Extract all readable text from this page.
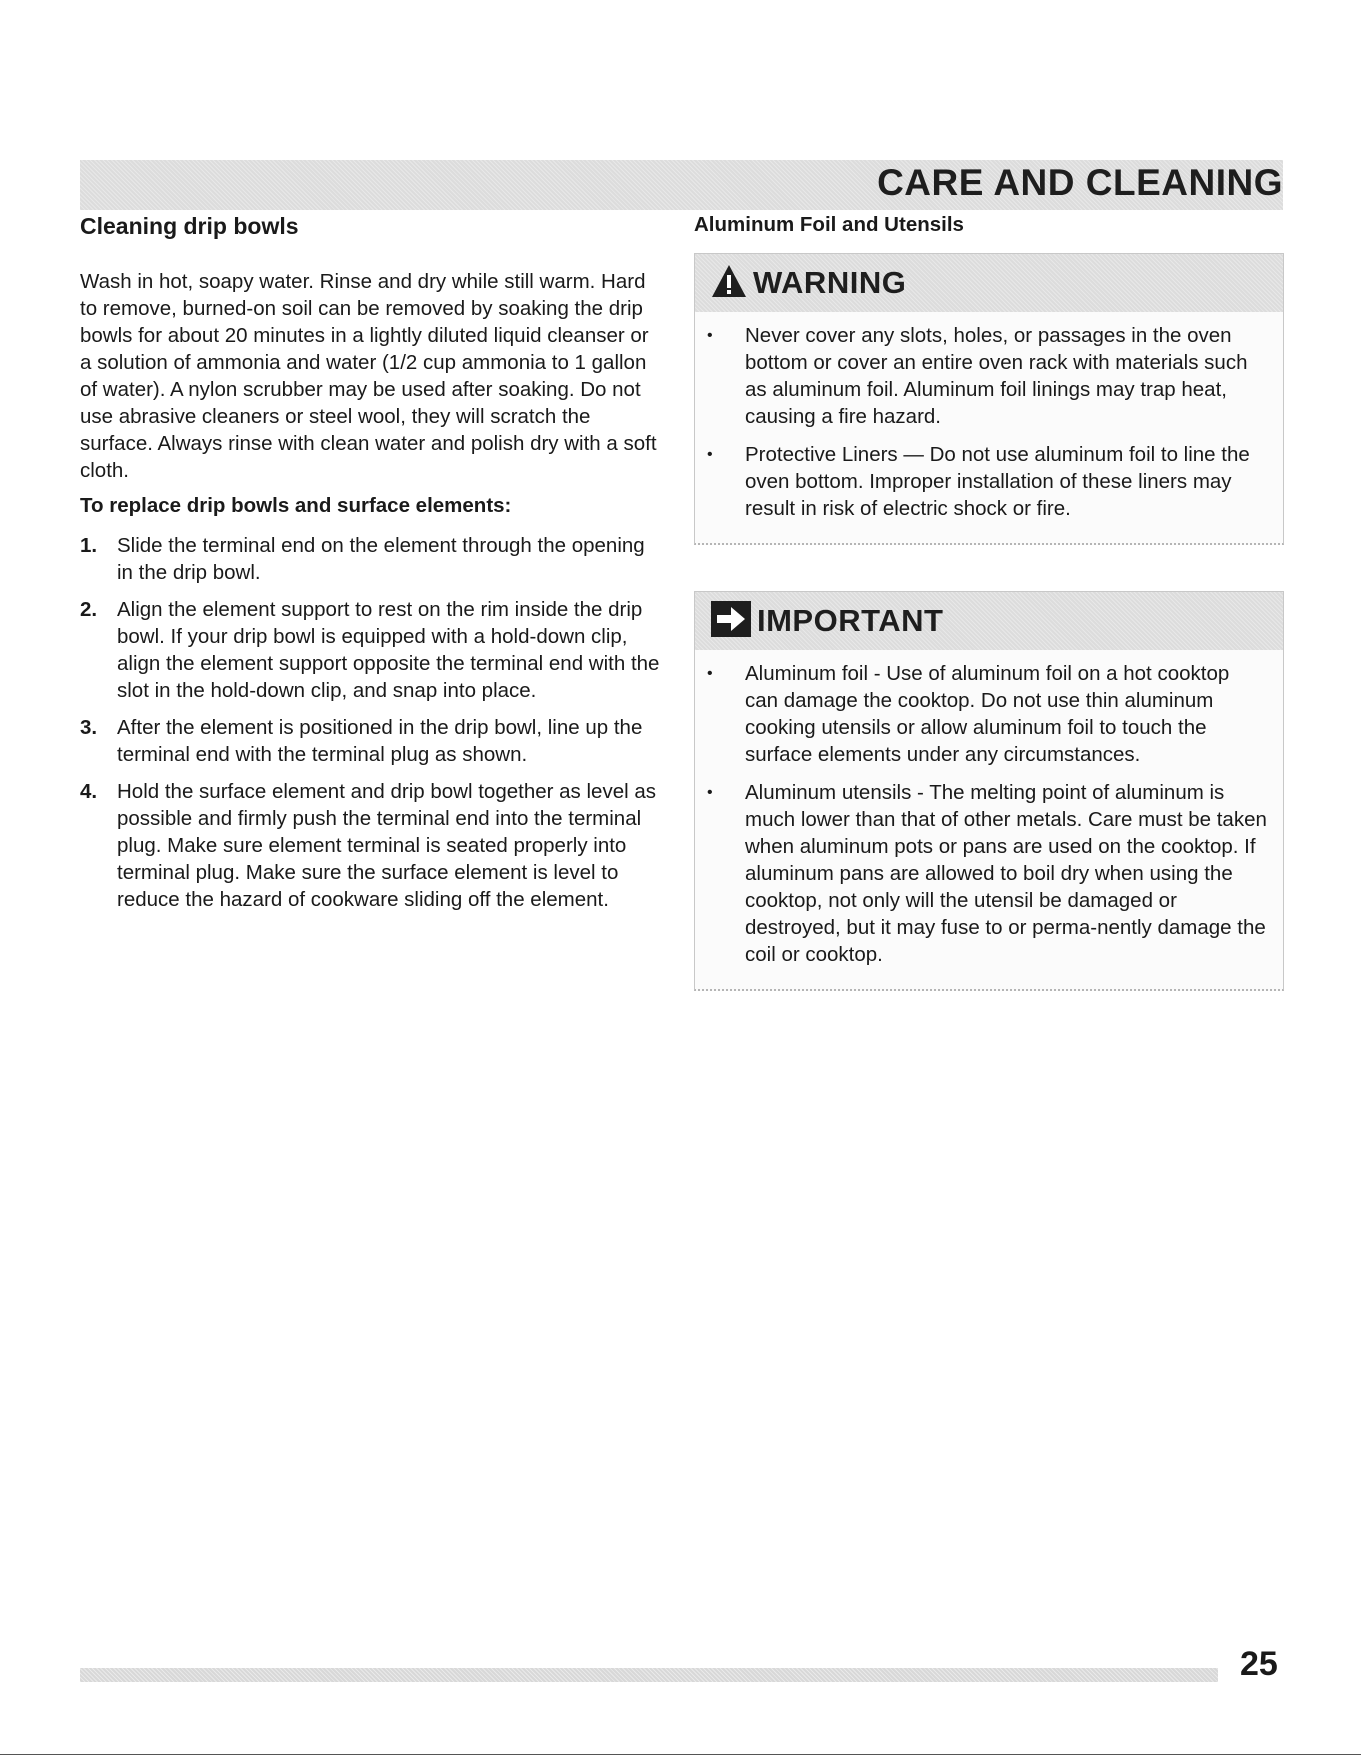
CARE AND CLEANING
Cleaning drip bowls

Wash in hot, soapy water. Rinse and dry while still warm. Hard to remove, burned-on soil can be removed by soaking the drip bowls for about 20 minutes in a lightly diluted liquid cleanser or a solution of ammonia and water (1/2 cup ammonia to 1 gallon of water). A nylon scrubber may be used after soaking. Do not use abrasive cleaners or steel wool, they will scratch the surface. Always rinse with clean water and polish dry with a soft cloth.

To replace drip bowls and surface elements:
1. Slide the terminal end on the element through the opening in the drip bowl.
2. Align the element support to rest on the rim inside the drip bowl. If your drip bowl is equipped with a hold-down clip, align the element support opposite the terminal end with the slot in the hold-down clip, and snap into place.
3. After the element is positioned in the drip bowl, line up the terminal end with the terminal plug as shown.
4. Hold the surface element and drip bowl together as level as possible and firmly push the terminal end into the terminal plug. Make sure element terminal is seated properly into terminal plug. Make sure the surface element is level to reduce the hazard of cookware sliding off the element.
Aluminum Foil and Utensils
WARNING
• Never cover any slots, holes, or passages in the oven bottom or cover an entire oven rack with materials such as aluminum foil. Aluminum foil linings may trap heat, causing a fire hazard.
• Protective Liners — Do not use aluminum foil to line the oven bottom. Improper installation of these liners may result in risk of electric shock or fire.
IMPORTANT
• Aluminum foil - Use of aluminum foil on a hot cooktop can damage the cooktop. Do not use thin aluminum cooking utensils or allow aluminum foil to touch the surface elements under any circumstances.
• Aluminum utensils - The melting point of aluminum is much lower than that of other metals. Care must be taken when aluminum pots or pans are used on the cooktop. If aluminum pans are allowed to boil dry when using the cooktop, not only will the utensil be damaged or destroyed, but it may fuse to or perma-nently damage the coil or cooktop.
25
